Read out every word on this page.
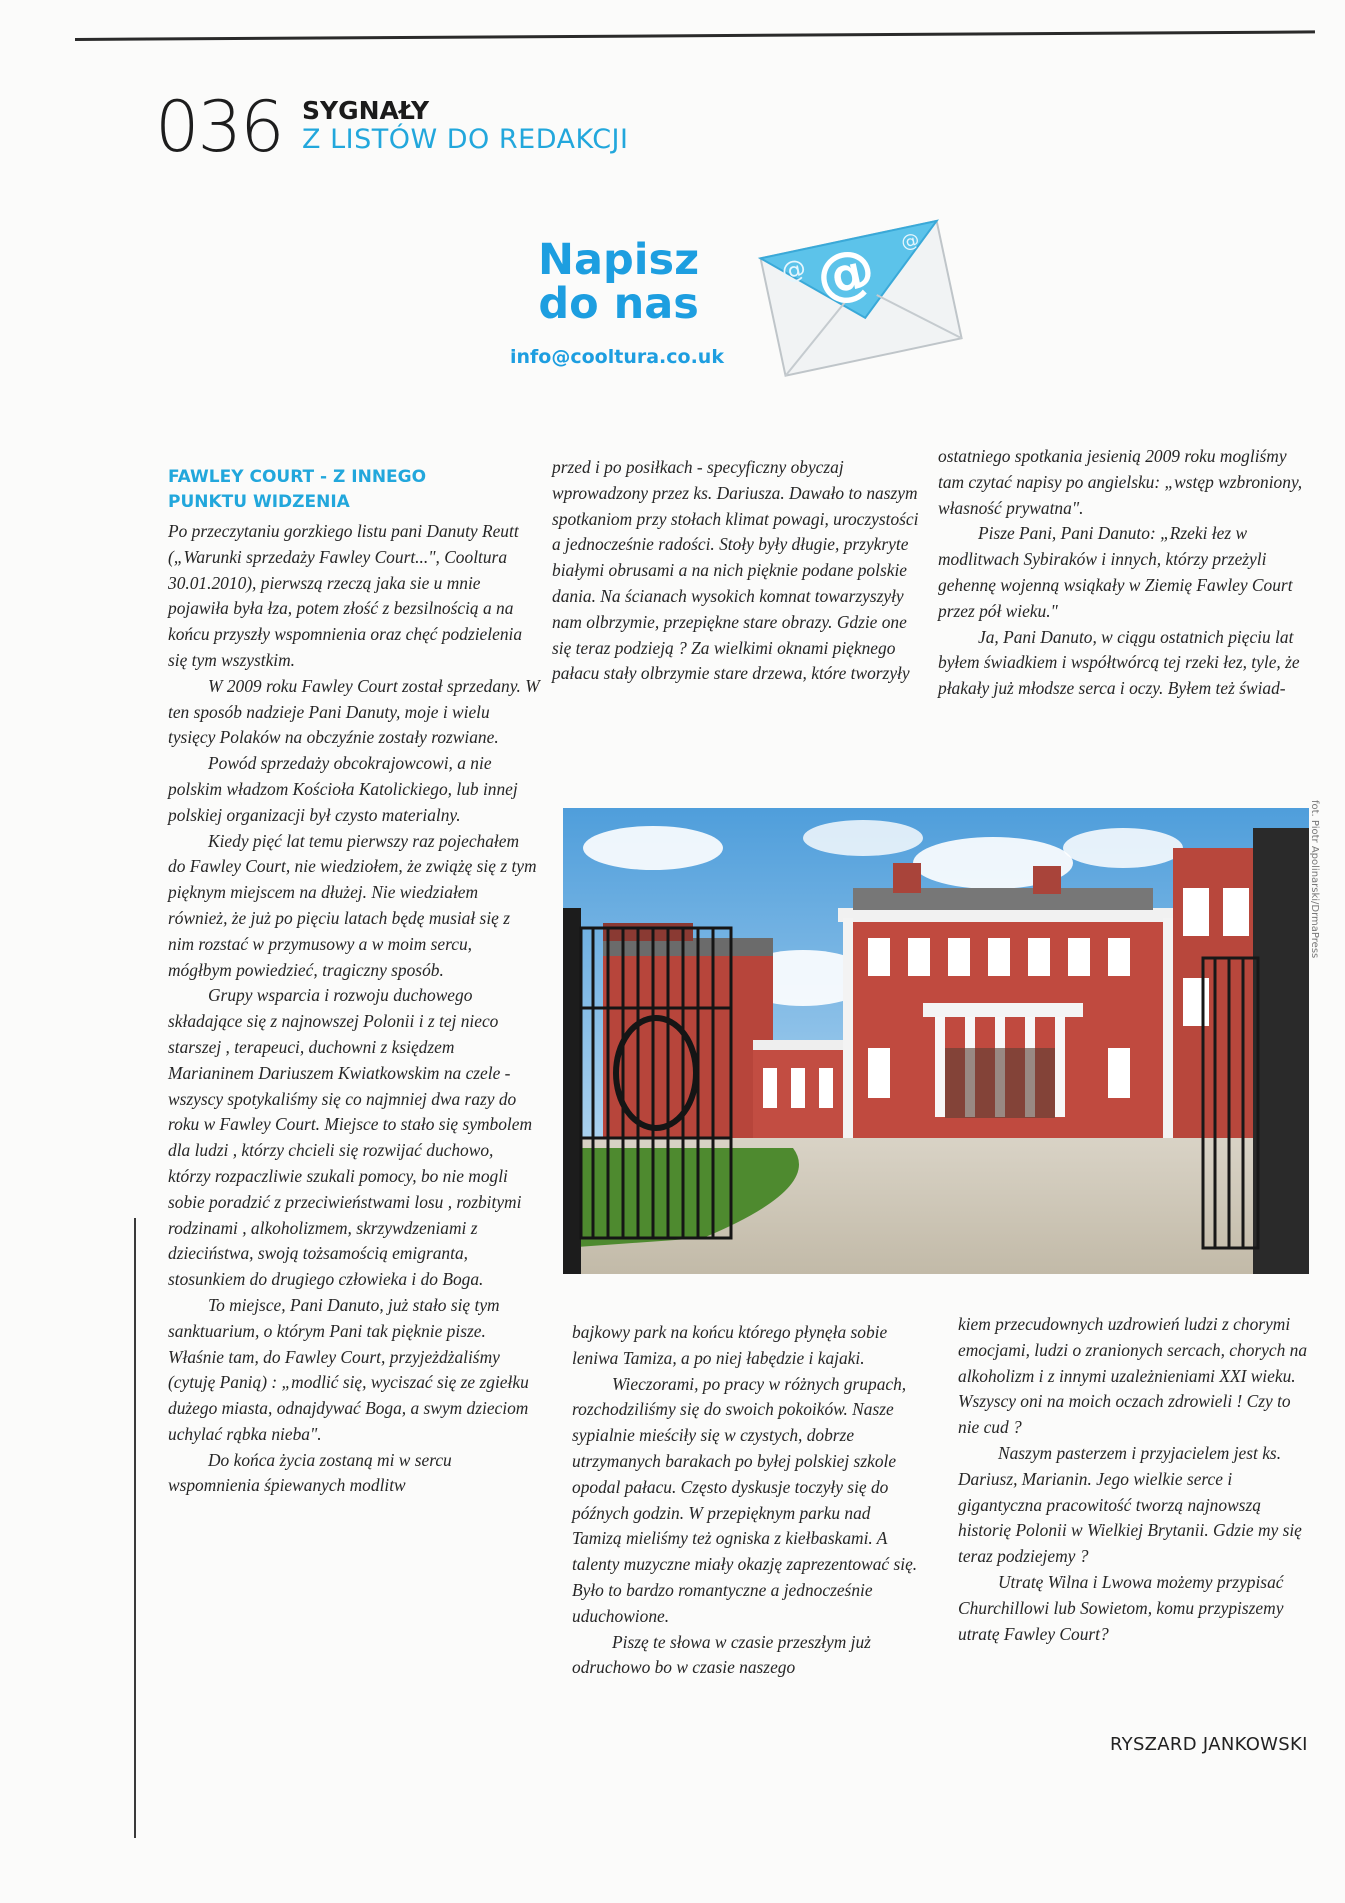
036 SYGNAŁY
Z LISTÓW DO REDAKCJI
Napisz
do nas
info@cooltura.co.uk
@
@
@
FAWLEY COURT - Z INNEGO
PUNKTU WIDZENIA

Po przeczytaniu gorzkiego listu pani Danuty Reutt („Warunki sprzedaży Fawley Court...", Cooltura 30.01.2010), pierwszą rzeczą jaka sie u mnie pojawiła była łza, potem złość z bezsilnością a na końcu przyszły wspomnienia oraz chęć podzielenia się tym wszystkim.

W 2009 roku Fawley Court został sprzedany. W ten sposób nadzieje Pani Danuty, moje i wielu tysięcy Polaków na obczyźnie zostały rozwiane.

Powód sprzedaży obcokrajowcowi, a nie polskim władzom Kościoła Katolickiego, lub innej polskiej organizacji był czysto materialny.

Kiedy pięć lat temu pierwszy raz pojechałem do Fawley Court, nie wiedziołem, że zwiążę się z tym pięknym miejscem na dłużej. Nie wiedziałem również, że już po pięciu latach będę musiał się z nim rozstać w przymusowy a w moim sercu, mógłbym powiedzieć, tragiczny sposób.

Grupy wsparcia i rozwoju duchowego składające się z najnowszej Polonii i z tej nieco starszej , terapeuci, duchowni z księdzem Marianinem Dariuszem Kwiatkowskim na czele - wszyscy spotykaliśmy się co najmniej dwa razy do roku w Fawley Court. Miejsce to stało się symbolem dla ludzi , którzy chcieli się rozwijać duchowo, którzy rozpaczliwie szukali pomocy, bo nie mogli sobie poradzić z przeciwieństwami losu , rozbitymi rodzinami , alkoholizmem, skrzywdzeniami z dzieciństwa, swoją tożsamością emigranta, stosunkiem do drugiego człowieka i do Boga.

To miejsce, Pani Danuto, już stało się tym sanktuarium, o którym Pani tak pięknie pisze. Właśnie tam, do Fawley Court, przyjeżdżaliśmy (cytuję Panią) : „modlić się, wyciszać się ze zgiełku dużego miasta, odnajdywać Boga, a swym dzieciom uchylać rąbka nieba".

Do końca życia zostaną mi w sercu wspomnienia śpiewanych modlitw

przed i po posiłkach - specyficzny obyczaj wprowadzony przez ks. Dariusza. Dawało to naszym spotkaniom przy stołach klimat powagi, uroczystości a jednocześnie radości. Stoły były długie, przykryte białymi obrusami a na nich pięknie podane polskie dania. Na ścianach wysokich komnat towarzyszyły nam olbrzymie, przepiękne stare obrazy. Gdzie one się teraz podzieją ? Za wielkimi oknami pięknego pałacu stały olbrzymie stare drzewa, które tworzyły

ostatniego spotkania jesienią 2009 roku mogliśmy tam czytać napisy po angielsku: „wstęp wzbroniony, własność prywatna".

Pisze Pani, Pani Danuto: „Rzeki łez w modlitwach Sybiraków i innych, którzy przeżyli gehennę wojenną wsiąkały w Ziemię Fawley Court przez pół wieku."

Ja, Pani Danuto, w ciągu ostatnich pięciu lat byłem świadkiem i współtwórcą tej rzeki łez, tyle, że płakały już młodsze serca i oczy. Byłem też świad-

fot. Piotr Apolinarski/DrmaPress

bajkowy park na końcu którego płynęła sobie leniwa Tamiza, a po niej łabędzie i kajaki.

Wieczorami, po pracy w różnych grupach, rozchodziliśmy się do swoich pokoików. Nasze sypialnie mieściły się w czystych, dobrze utrzymanych barakach po byłej polskiej szkole opodal pałacu. Często dyskusje toczyły się do późnych godzin. W przepięknym parku nad Tamizą mieliśmy też ogniska z kiełbaskami. A talenty muzyczne miały okazję zaprezentować się. Było to bardzo romantyczne a jednocześnie uduchowione.

Piszę te słowa w czasie przeszłym już odruchowo bo w czasie naszego

kiem przecudownych uzdrowień ludzi z chorymi emocjami, ludzi o zranionych sercach, chorych na alkoholizm i z innymi uzależnieniami XXI wieku. Wszyscy oni na moich oczach zdrowieli ! Czy to nie cud ?

Naszym pasterzem i przyjacielem jest ks. Dariusz, Marianin. Jego wielkie serce i gigantyczna pracowitość tworzą najnowszą historię Polonii w Wielkiej Brytanii. Gdzie my się teraz podziejemy ?

Utratę Wilna i Lwowa możemy przypisać Churchillowi lub Sowietom, komu przypiszemy utratę Fawley Court?

RYSZARD JANKOWSKI
